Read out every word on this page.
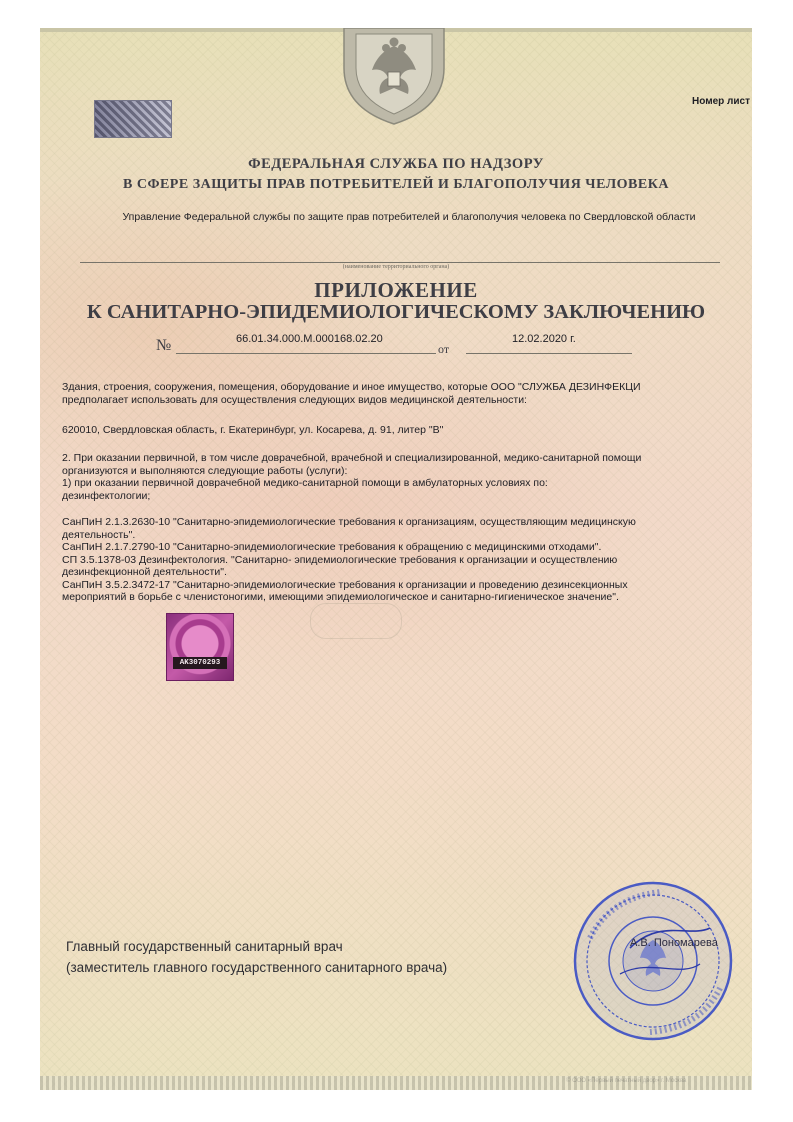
Номер лист
ФЕДЕРАЛЬНАЯ СЛУЖБА ПО НАДЗОРУ
В СФЕРЕ ЗАЩИТЫ ПРАВ ПОТРЕБИТЕЛЕЙ И БЛАГОПОЛУЧИЯ ЧЕЛОВЕКА
Управление Федеральной службы по защите прав потребителей и благополучия человека по Свердловской области
(наименование территориального органа)
ПРИЛОЖЕНИЕ
К САНИТАРНО-ЭПИДЕМИОЛОГИЧЕСКОМУ ЗАКЛЮЧЕНИЮ
№	66.01.34.000.М.000168.02.20
от
12.02.2020 г.
Здания, строения, сооружения, помещения, оборудование и иное имущество, которые ООО "СЛУЖБА ДЕЗИНФЕКЦИ
предполагает использовать для осуществления следующих видов медицинской деятельности:
620010, Свердловская область, г. Екатеринбург, ул. Косарева, д. 91, литер "В"
2. При оказании первичной, в том числе доврачебной, врачебной и специализированной, медико-санитарной помощи
организуются и выполняются следующие работы (услуги):
1) при оказании первичной доврачебной медико-санитарной помощи в амбулаторных условиях по:
дезинфектологии;
СанПиН 2.1.3.2630-10 "Санитарно-эпидемиологические требования к организациям, осуществляющим медицинскую
деятельность".
СанПиН 2.1.7.2790-10 "Санитарно-эпидемиологические требования к обращению с медицинскими отходами".
СП 3.5.1378-03 Дезинфектология. "Санитарно- эпидемиологические требования к организации и осуществлению
дезинфекционной деятельности".
СанПиН 3.5.2.3472-17 "Санитарно-эпидемиологические требования к организации и проведению дезинсекционных
мероприятий в борьбе с членистоногими, имеющими эпидемиологическое и санитарно-гигиеническое значение".
AK3070293
Главный государственный санитарный врач
(заместитель главного государственного санитарного врача)
А.В. Пономарева
